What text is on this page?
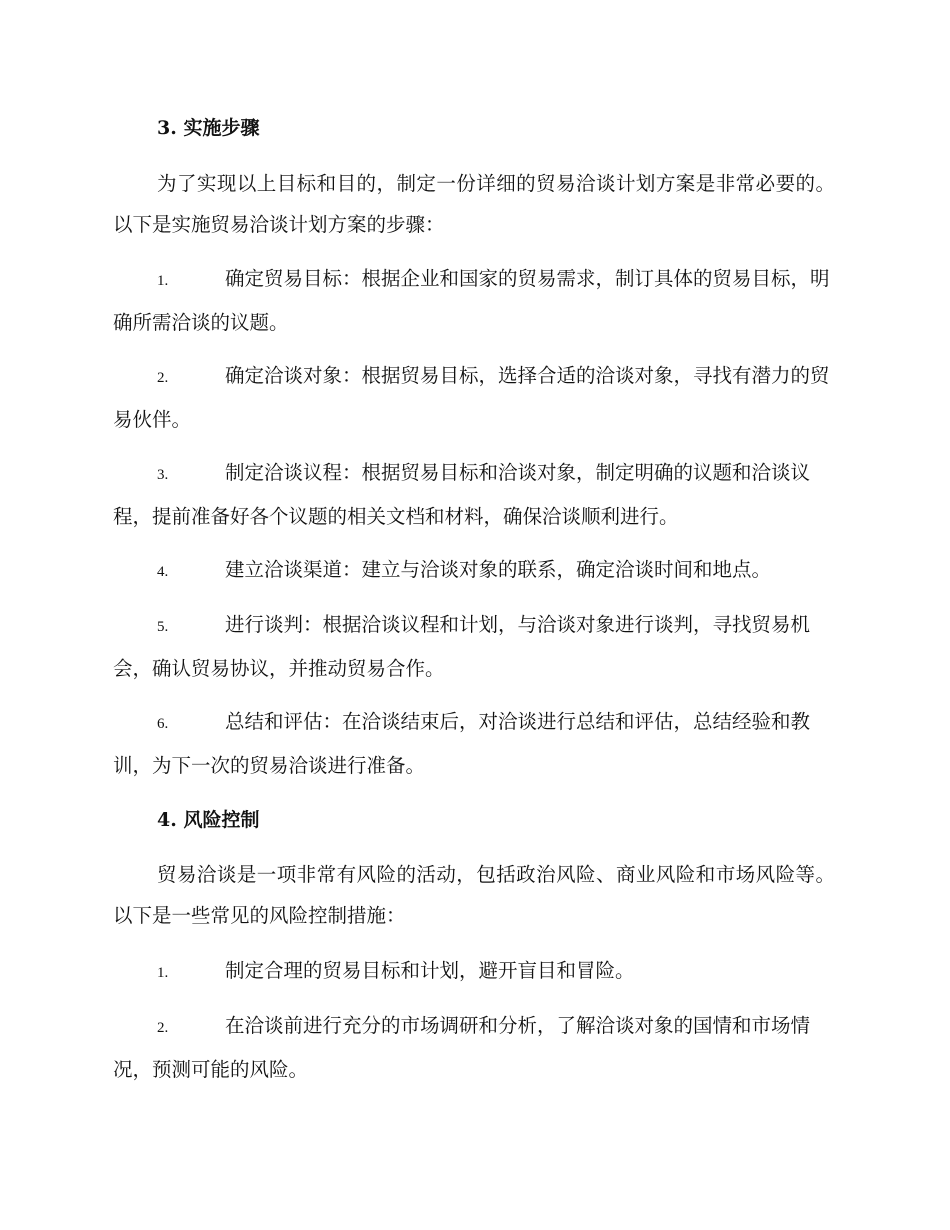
3. 实施步骤

为了实现以上目标和目的，制定一份详细的贸易洽谈计划方案是非常必要的。以下是实施贸易洽谈计划方案的步骤：

1.	确定贸易目标：根据企业和国家的贸易需求，制订具体的贸易目标，明确所需洽谈的议题。

2.	确定洽谈对象：根据贸易目标，选择合适的洽谈对象，寻找有潜力的贸易伙伴。

3.	制定洽谈议程：根据贸易目标和洽谈对象，制定明确的议题和洽谈议程，提前准备好各个议题的相关文档和材料，确保洽谈顺利进行。

4.	建立洽谈渠道：建立与洽谈对象的联系，确定洽谈时间和地点。

5.	进行谈判：根据洽谈议程和计划，与洽谈对象进行谈判，寻找贸易机会，确认贸易协议，并推动贸易合作。

6.	总结和评估：在洽谈结束后，对洽谈进行总结和评估，总结经验和教训，为下一次的贸易洽谈进行准备。

4. 风险控制

贸易洽谈是一项非常有风险的活动，包括政治风险、商业风险和市场风险等。以下是一些常见的风险控制措施：

1.	制定合理的贸易目标和计划，避开盲目和冒险。

2.	在洽谈前进行充分的市场调研和分析，了解洽谈对象的国情和市场情况，预测可能的风险。
